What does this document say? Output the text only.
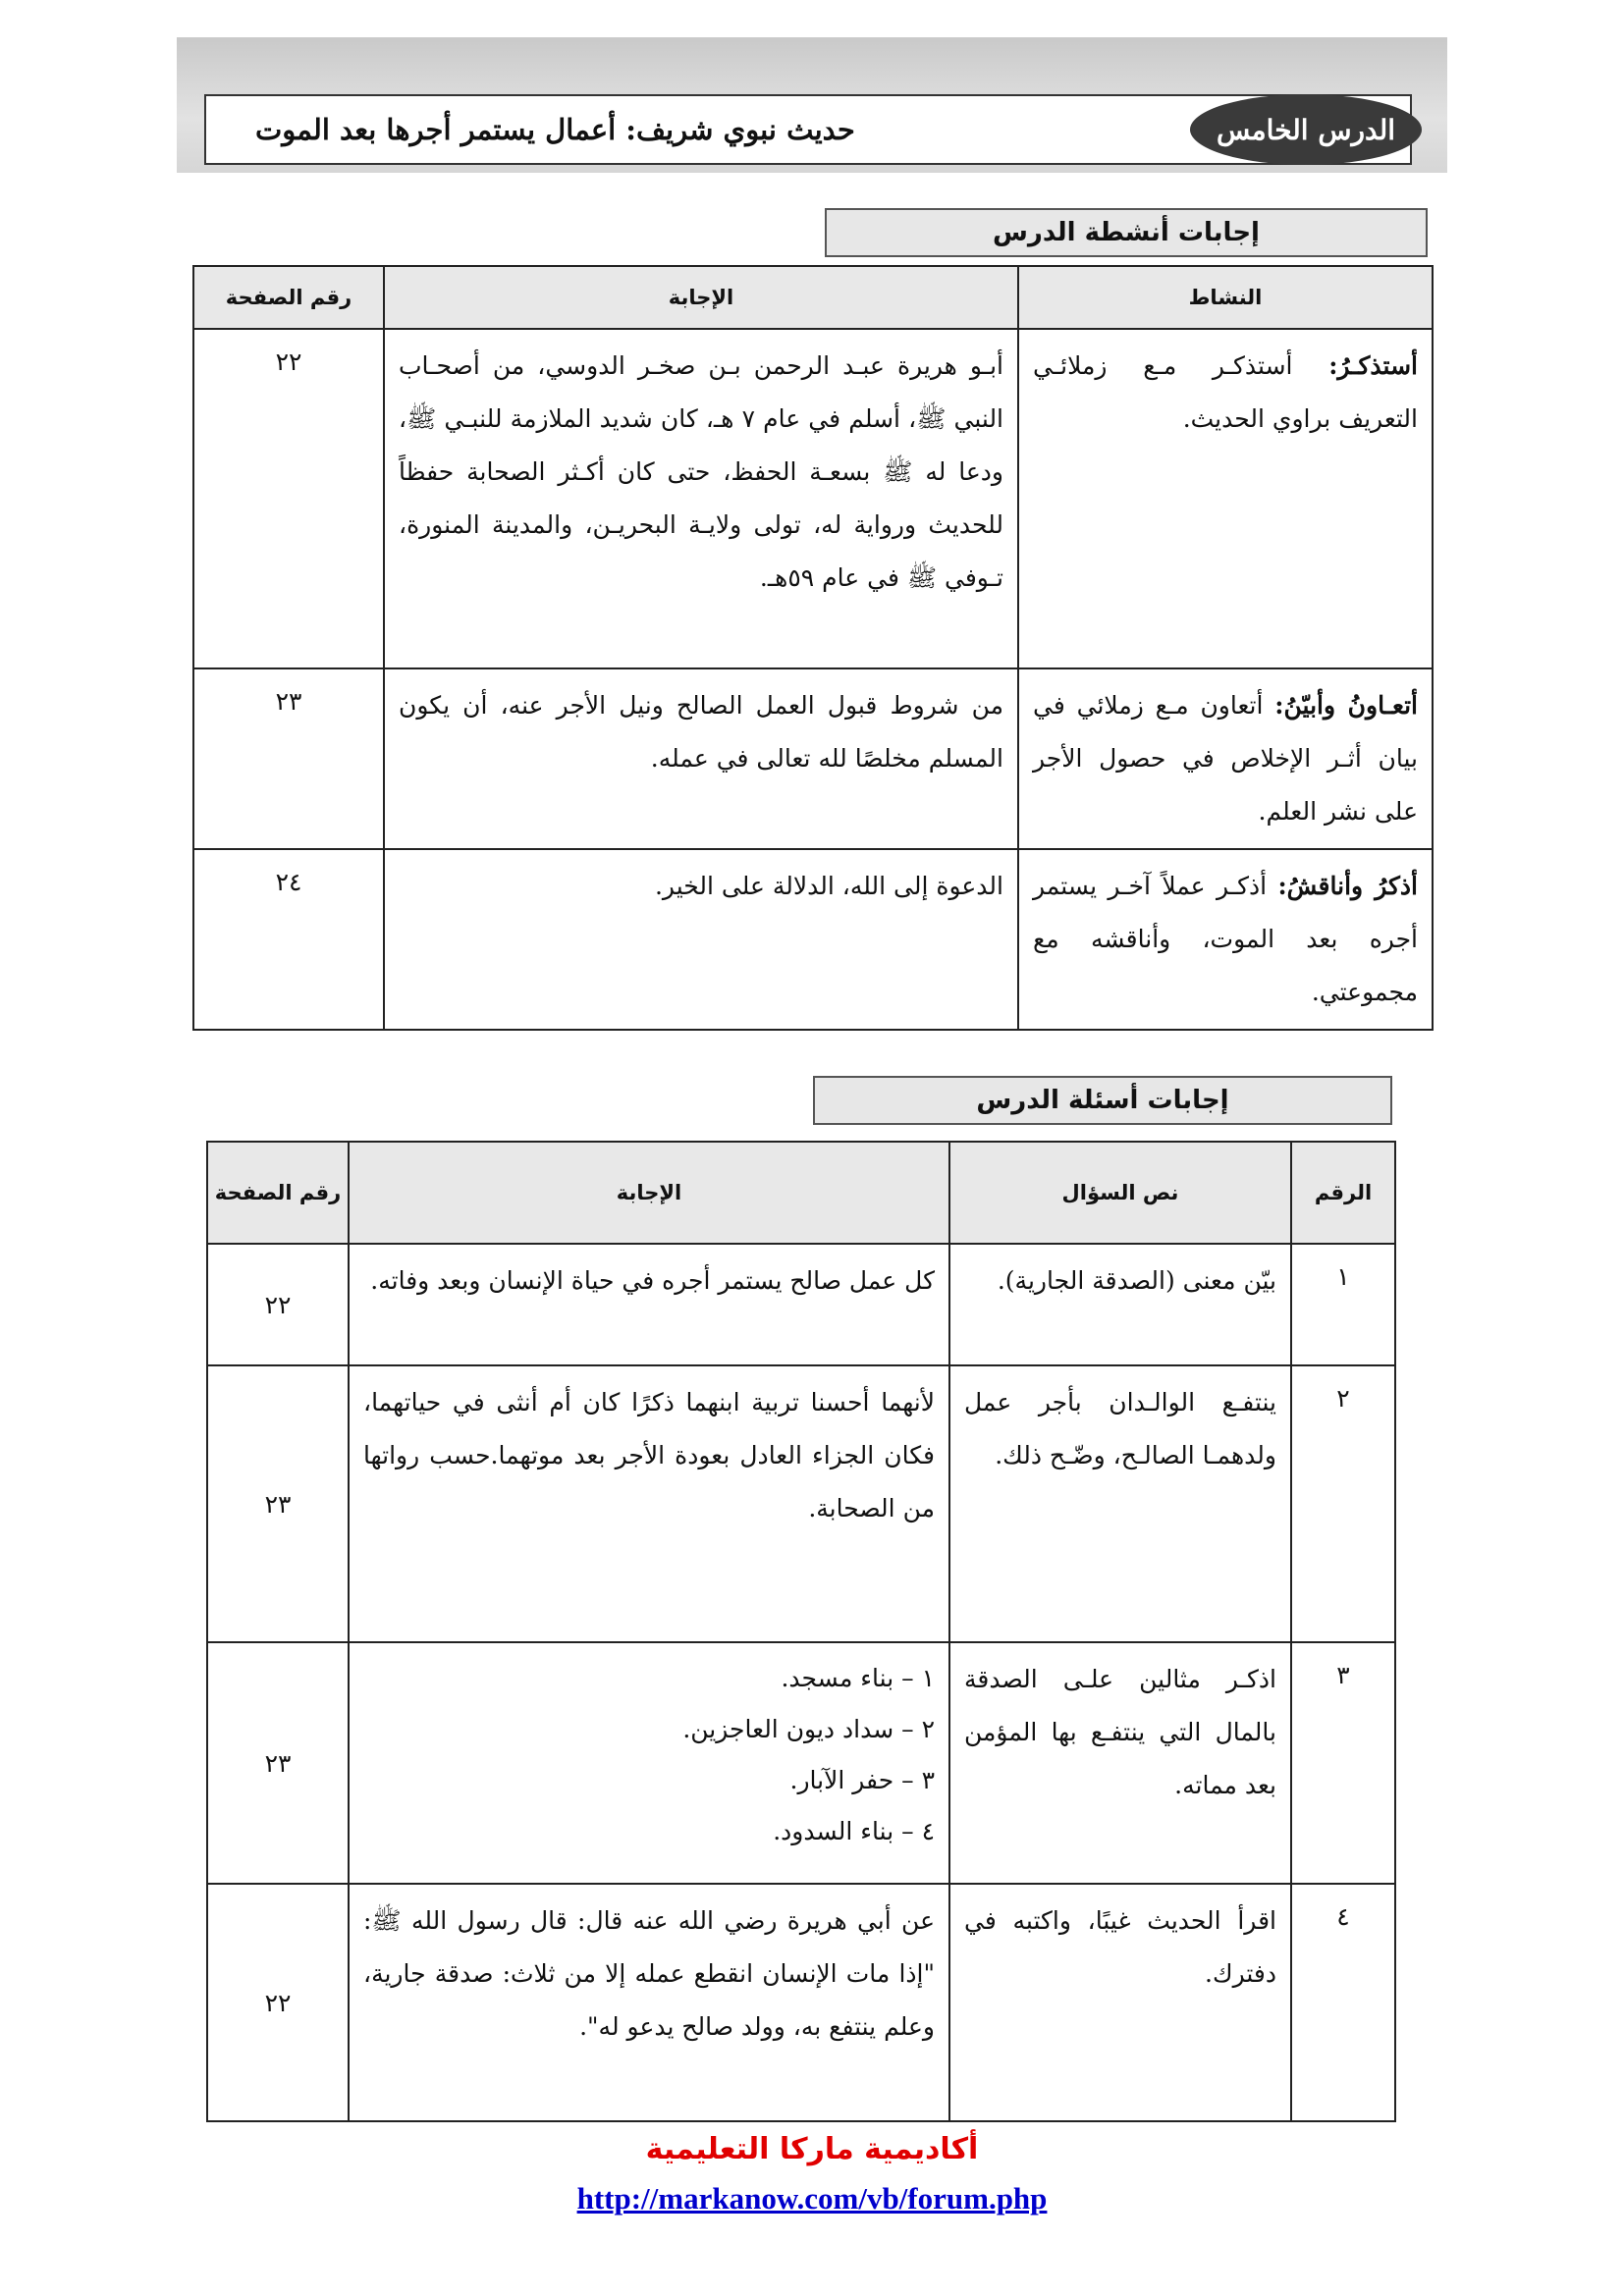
حديث نبوي شريف: أعمال يستمر أجرها بعد الموت	الدرس الخامس
إجابات أنشطة الدرس
النشاط	الإجابة	رقم الصفحة

أستذكـرُ: أستذكـر مـع زملائـي التعريف براوي الحديث.	أبـو هريرة عبـد الرحمن بـن صخـر الدوسي، من أصحـاب النبي ﷺ، أسلم في عام ٧ هـ، كان شديد الملازمة للنبـي ﷺ، ودعا له ﷺ بسعـة الحفظ، حتى كان أكـثر الصحابة حفظاً للحديث ورواية له، تولى ولايـة البحريـن، والمدينة المنورة، تـوفي ﷺ في عام ٥٩هـ.	٢٢

أتعـاونُ وأبيّنُ: أتعاون مـع زملائي في بيان أثـر الإخلاص في حصول الأجر على نشر العلم.	من شروط قبول العمل الصالح ونيل الأجر عنه، أن يكون المسلم مخلصًا لله تعالى في عمله.	٢٣

أذكرُ وأناقشُ: أذكـر عملاً آخـر يستمر أجره بعد الموت، وأناقشه مع مجموعتي.	الدعوة إلى الله، الدلالة على الخير.	٢٤
إجابات أسئلة الدرس
الرقم	نص السؤال	الإجابة	رقم الصفحة
١	بيّن معنى (الصدقة الجارية).	كل عمل صالح يستمر أجره في حياة الإنسان وبعد وفاته.	٢٢
٢	ينتفـع الوالـدان بأجر عمل ولدهمـا الصالـح، وضّـح ذلك.	لأنهما أحسنا تربية ابنهما ذكرًا كان أم أنثى في حياتهما، فكان الجزاء العادل بعودة الأجر بعد موتهما.حسب رواتها من الصحابة.	٢٣
٣	اذكـر مثالين علـى الصدقة بالمال التي ينتفـع بها المؤمن بعد مماته.	١ – بناء مسجد.
٢ – سداد ديون العاجزين.
٣ – حفر الآبار.
٤ – بناء السدود.	٢٣
٤	اقرأ الحديث غيبًا، واكتبه في دفترك.	عن أبي هريرة رضي الله عنه قال: قال رسول الله ﷺ: "إذا مات الإنسان انقطع عمله إلا من ثلاث: صدقة جارية، وعلم ينتفع به، وولد صالح يدعو له".	٢٢
أكاديمية ماركا التعليمية
http://markanow.com/vb/forum.php
